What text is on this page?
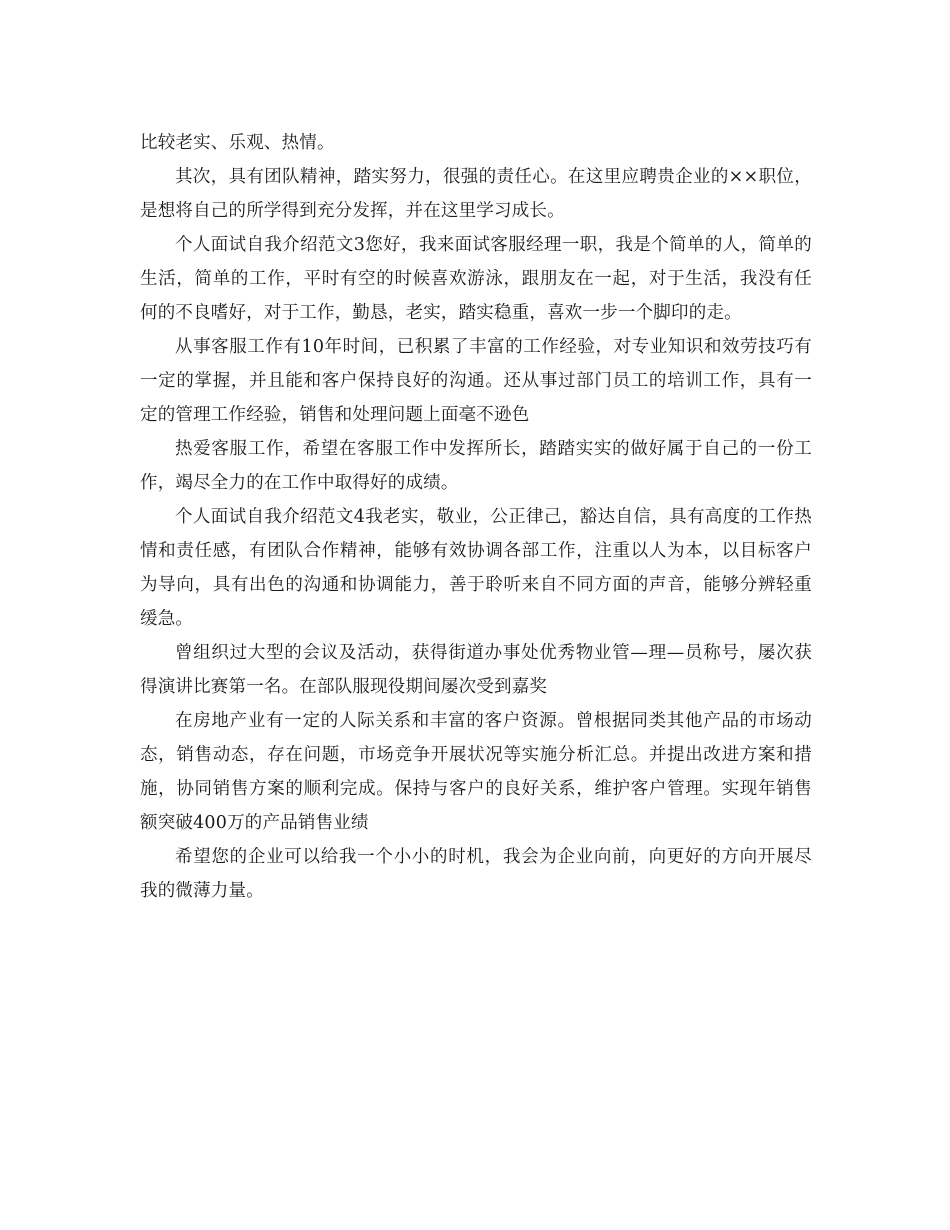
比较老实、乐观、热情。

其次，具有团队精神，踏实努力，很强的责任心。在这里应聘贵企业的××职位，是想将自己的所学得到充分发挥，并在这里学习成长。

个人面试自我介绍范文3您好，我来面试客服经理一职，我是个简单的人，简单的生活，简单的工作，平时有空的时候喜欢游泳，跟朋友在一起，对于生活，我没有任何的不良嗜好，对于工作，勤恳，老实，踏实稳重，喜欢一步一个脚印的走。

从事客服工作有10年时间，已积累了丰富的工作经验，对专业知识和效劳技巧有一定的掌握，并且能和客户保持良好的沟通。还从事过部门员工的培训工作，具有一定的管理工作经验，销售和处理问题上面毫不逊色

热爱客服工作，希望在客服工作中发挥所长，踏踏实实的做好属于自己的一份工作，竭尽全力的在工作中取得好的成绩。

个人面试自我介绍范文4我老实，敬业，公正律己，豁达自信，具有高度的工作热情和责任感，有团队合作精神，能够有效协调各部工作，注重以人为本，以目标客户为导向，具有出色的沟通和协调能力，善于聆听来自不同方面的声音，能够分辨轻重缓急。

曾组织过大型的会议及活动，获得街道办事处优秀物业管—理—员称号，屡次获得演讲比赛第一名。在部队服现役期间屡次受到嘉奖

在房地产业有一定的人际关系和丰富的客户资源。曾根据同类其他产品的市场动态，销售动态，存在问题，市场竞争开展状况等实施分析汇总。并提出改进方案和措施，协同销售方案的顺利完成。保持与客户的良好关系，维护客户管理。实现年销售额突破400万的产品销售业绩

希望您的企业可以给我一个小小的时机，我会为企业向前，向更好的方向开展尽我的微薄力量。
